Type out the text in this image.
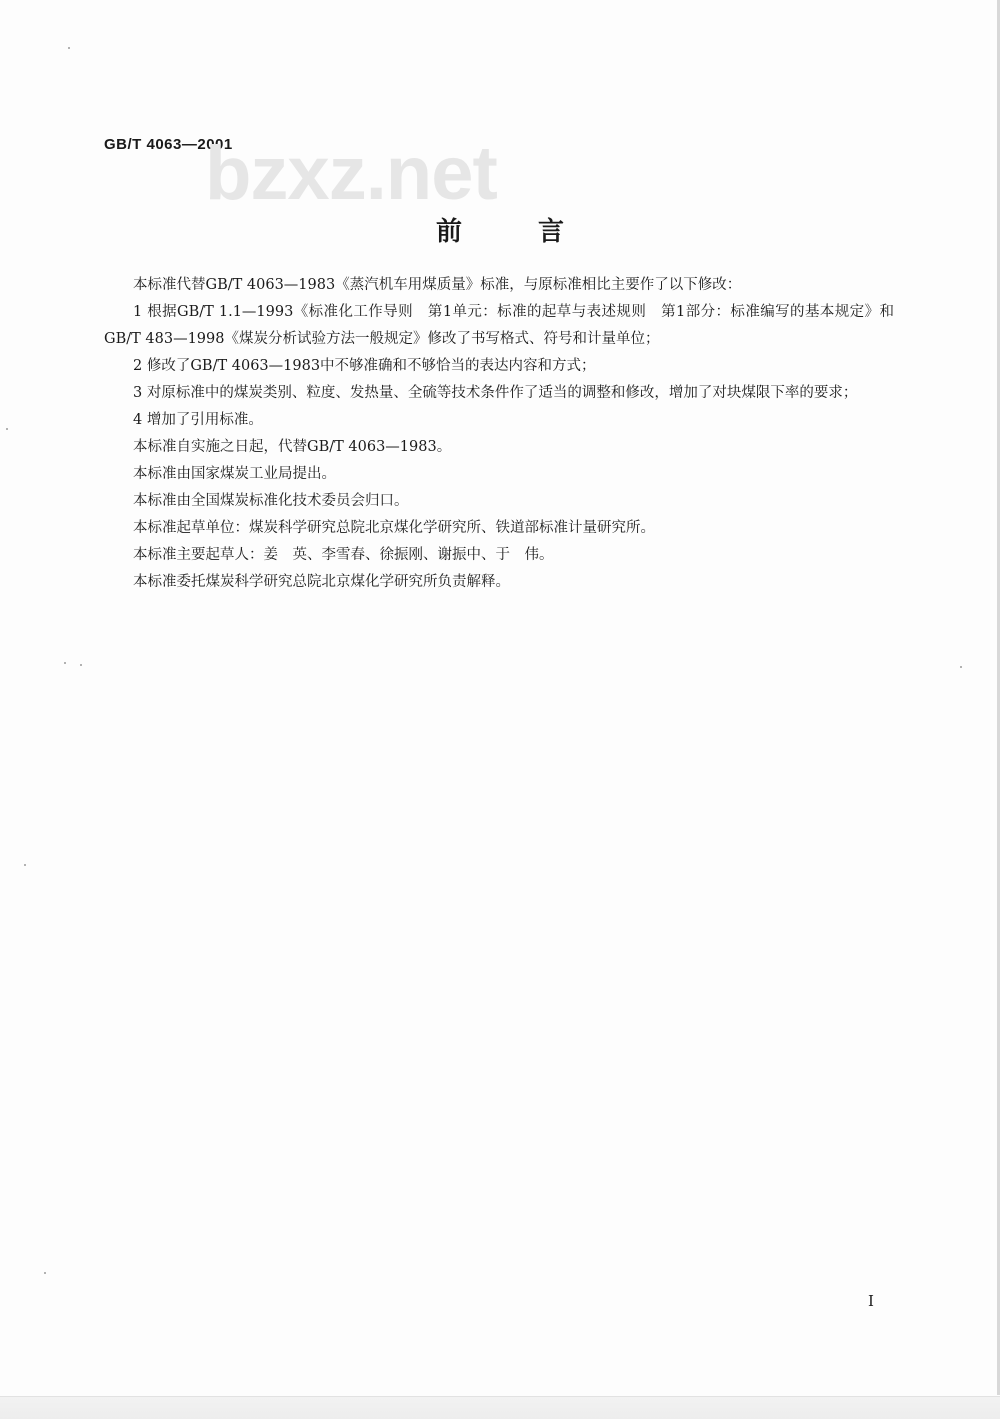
GB/T 4063—2001
bzxz.net
前言

本标准代替GB/T 4063—1983《蒸汽机车用煤质量》标准，与原标准相比主要作了以下修改：

1 根据GB/T 1.1—1993《标准化工作导则　第1单元：标准的起草与表述规则　第1部分：标准编写的基本规定》和GB/T 483—1998《煤炭分析试验方法一般规定》修改了书写格式、符号和计量单位；

2 修改了GB/T 4063—1983中不够准确和不够恰当的表达内容和方式；

3 对原标准中的煤炭类别、粒度、发热量、全硫等技术条件作了适当的调整和修改，增加了对块煤限下率的要求；

4 增加了引用标准。

本标准自实施之日起，代替GB/T 4063—1983。

本标准由国家煤炭工业局提出。

本标准由全国煤炭标准化技术委员会归口。

本标准起草单位：煤炭科学研究总院北京煤化学研究所、铁道部标准计量研究所。

本标准主要起草人：姜　英、李雪春、徐振刚、谢振中、于　伟。

本标准委托煤炭科学研究总院北京煤化学研究所负责解释。

I
